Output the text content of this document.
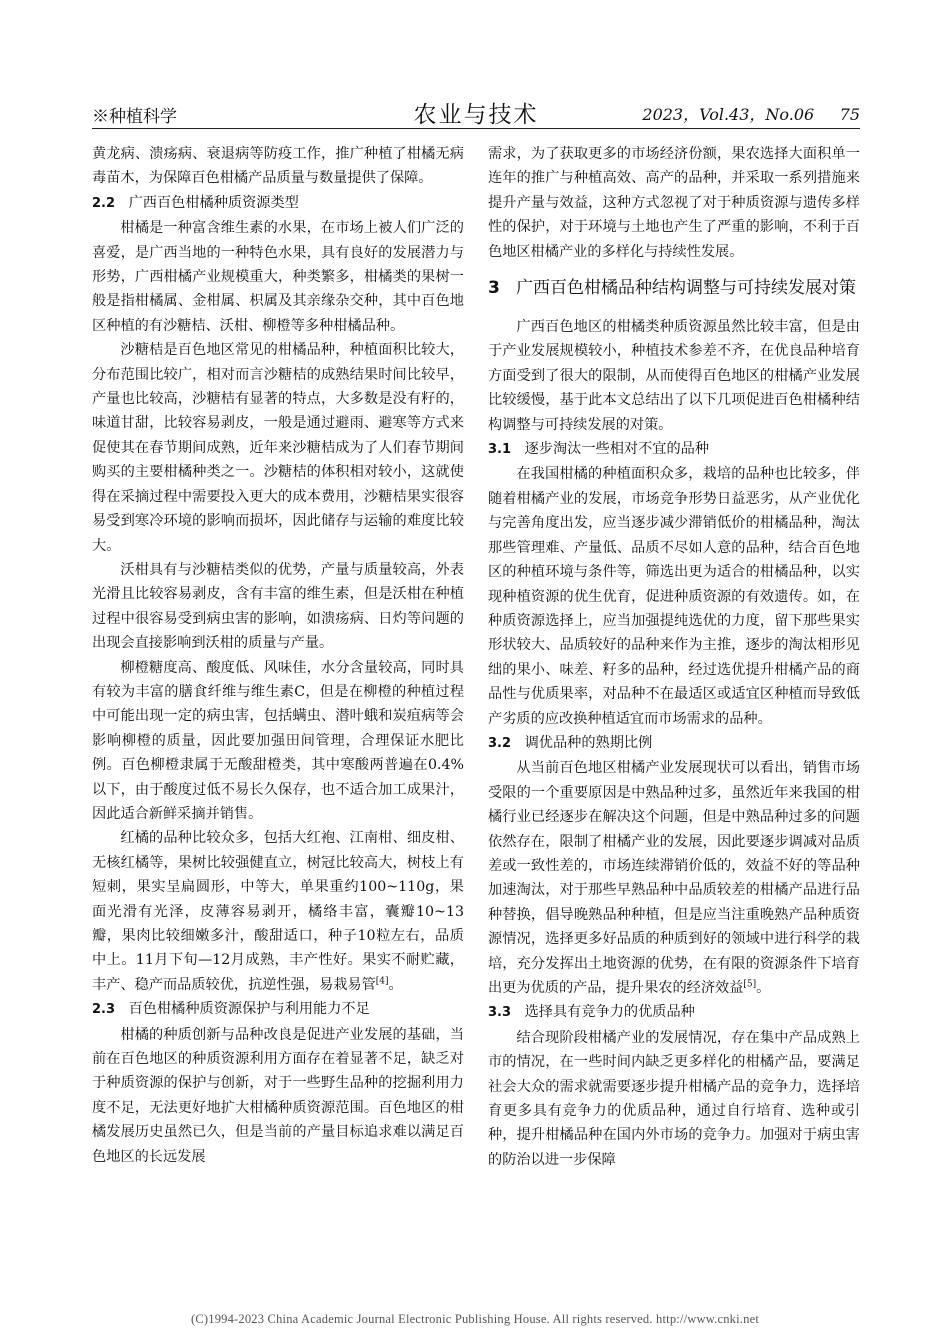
※种植科学	农业与技术	2023，Vol.43，No.06 75

黄龙病、溃疡病、衰退病等防疫工作，推广种植了柑橘无病毒苗木，为保障百色柑橘产品质量与数量提供了保障。

2.2 广西百色柑橘种质资源类型

柑橘是一种富含维生素的水果，在市场上被人们广泛的喜爱，是广西当地的一种特色水果，具有良好的发展潜力与形势，广西柑橘产业规模重大，种类繁多，柑橘类的果树一般是指柑橘属、金柑属、枳属及其亲缘杂交种，其中百色地区种植的有沙糖桔、沃柑、柳橙等多种柑橘品种。

沙糖桔是百色地区常见的柑橘品种，种植面积比较大，分布范围比较广，相对而言沙糖桔的成熟结果时间比较早，产量也比较高，沙糖桔有显著的特点，大多数是没有籽的，味道甘甜，比较容易剥皮，一般是通过避雨、避寒等方式来促使其在春节期间成熟，近年来沙糖桔成为了人们春节期间购买的主要柑橘种类之一。沙糖桔的体积相对较小，这就使得在采摘过程中需要投入更大的成本费用，沙糖桔果实很容易受到寒冷环境的影响而损坏，因此储存与运输的难度比较大。

沃柑具有与沙糖桔类似的优势，产量与质量较高，外表光滑且比较容易剥皮，含有丰富的维生素，但是沃柑在种植过程中很容易受到病虫害的影响，如溃疡病、日灼等问题的出现会直接影响到沃柑的质量与产量。

柳橙糖度高、酸度低、风味佳，水分含量较高，同时具有较为丰富的膳食纤维与维生素C，但是在柳橙的种植过程中可能出现一定的病虫害，包括螨虫、潜叶蛾和炭疽病等会影响柳橙的质量，因此要加强田间管理，合理保证水肥比例。百色柳橙隶属于无酸甜橙类，其中寒酸两普遍在0.4%以下，由于酸度过低不易长久保存，也不适合加工成果汁，因此适合新鲜采摘并销售。

红橘的品种比较众多，包括大红袍、江南柑、细皮柑、无核红橘等，果树比较强健直立，树冠比较高大，树枝上有短刺，果实呈扁圆形，中等大，单果重约100~110g，果面光滑有光泽，皮薄容易剥开，橘络丰富，囊瓣10~13瓣，果肉比较细嫩多汁，酸甜适口，种子10粒左右，品质中上。11月下旬—12月成熟，丰产性好。果实不耐贮藏，丰产、稳产而品质较优，抗逆性强，易栽易管[4]。

2.3 百色柑橘种质资源保护与利用能力不足

柑橘的种质创新与品种改良是促进产业发展的基础，当前在百色地区的种质资源利用方面存在着显著不足，缺乏对于种质资源的保护与创新，对于一些野生品种的挖掘利用力度不足，无法更好地扩大柑橘种质资源范围。百色地区的柑橘发展历史虽然已久，但是当前的产量目标追求难以满足百色地区的长远发展

需求，为了获取更多的市场经济份额，果农选择大面积单一连年的推广与种植高效、高产的品种，并采取一系列措施来提升产量与效益，这种方式忽视了对于种质资源与遗传多样性的保护，对于环境与土地也产生了严重的影响，不利于百色地区柑橘产业的多样化与持续性发展。

3 广西百色柑橘品种结构调整与可持续发展对策

广西百色地区的柑橘类种质资源虽然比较丰富，但是由于产业发展规模较小，种植技术参差不齐，在优良品种培育方面受到了很大的限制，从而使得百色地区的柑橘产业发展比较缓慢，基于此本文总结出了以下几项促进百色柑橘种结构调整与可持续发展的对策。

3.1 逐步淘汰一些相对不宜的品种

在我国柑橘的种植面积众多，栽培的品种也比较多，伴随着柑橘产业的发展，市场竞争形势日益恶劣，从产业优化与完善角度出发，应当逐步减少滞销低价的柑橘品种，淘汰那些管理难、产量低、品质不尽如人意的品种，结合百色地区的种植环境与条件等，筛选出更为适合的柑橘品种，以实现种植资源的优生优育，促进种质资源的有效遗传。如，在种质资源选择上，应当加强提纯选优的力度，留下那些果实形状较大、品质较好的品种来作为主推，逐步的淘汰相形见绌的果小、味差、籽多的品种，经过选优提升柑橘产品的商品性与优质果率，对品种不在最适区或适宜区种植而导致低产劣质的应改换种植适宜而市场需求的品种。

3.2 调优品种的熟期比例

从当前百色地区柑橘产业发展现状可以看出，销售市场受限的一个重要原因是中熟品种过多，虽然近年来我国的柑橘行业已经逐步在解决这个问题，但是中熟品种过多的问题依然存在，限制了柑橘产业的发展，因此要逐步调减对品质差或一致性差的，市场连续滞销价低的，效益不好的等品种加速淘汰，对于那些早熟品种中品质较差的柑橘产品进行品种替换，倡导晚熟品种种植，但是应当注重晚熟产品种质资源情况，选择更多好品质的种质到好的领域中进行科学的栽培，充分发挥出土地资源的优势，在有限的资源条件下培育出更为优质的产品，提升果农的经济效益[5]。

3.3 选择具有竞争力的优质品种

结合现阶段柑橘产业的发展情况，存在集中产品成熟上市的情况，在一些时间内缺乏更多样化的柑橘产品，要满足社会大众的需求就需要逐步提升柑橘产品的竞争力，选择培育更多具有竞争力的优质品种，通过自行培育、选种或引种，提升柑橘品种在国内外市场的竞争力。加强对于病虫害的防治以进一步保障

(C)1994-2023 China Academic Journal Electronic Publishing House. All rights reserved. http://www.cnki.net
